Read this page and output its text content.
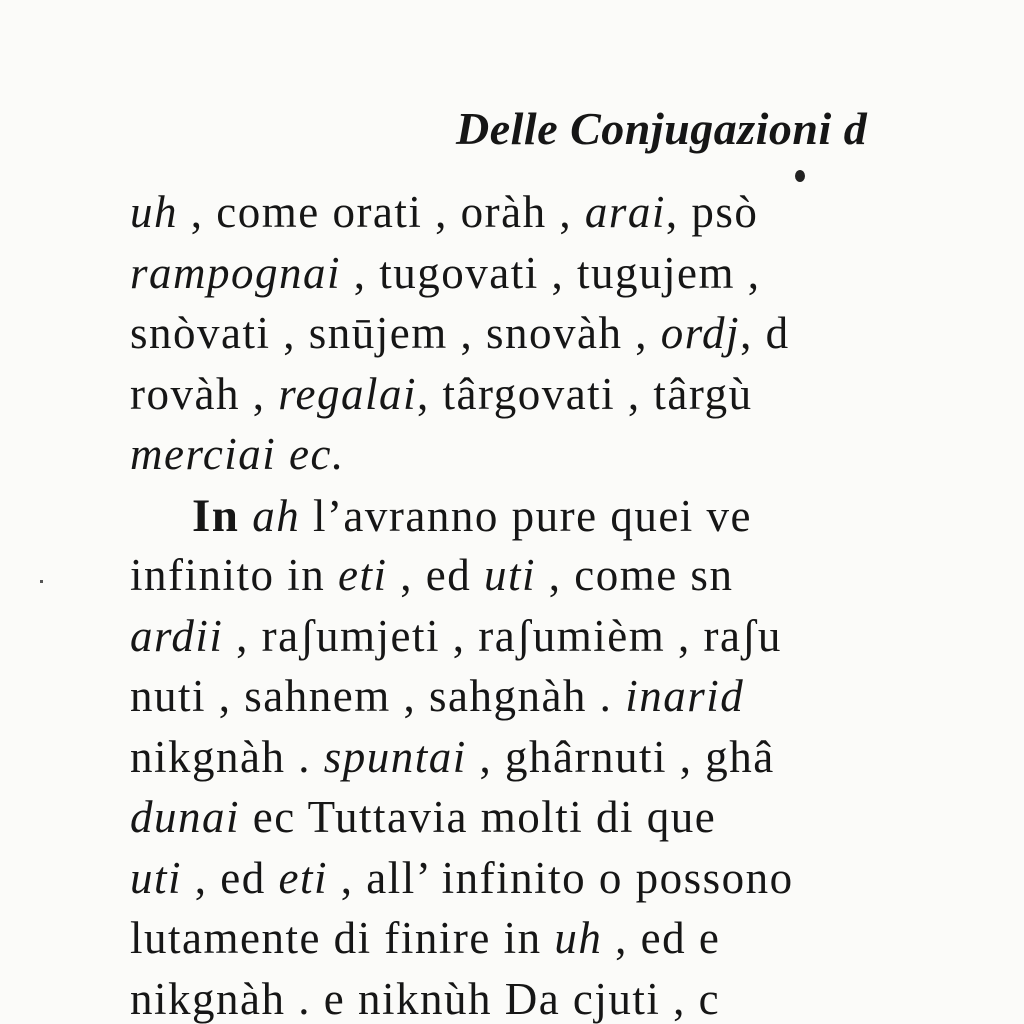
Delle Conjugazioni d
uh , come orati , oràh , arai, psò
rampognai , tugovati , tugujem ,
snòvati , snūjem , snovàh , ordj, d
rovàh , regalai, târgovati , târgù
merciai ec.
In ah l’avranno pure quei ve
infinito in eti , ed uti , come sn
ardii , raʃumjeti , raʃumièm , raʃu
nuti , sahnem , sahgnàh . inarid
nikgnàh . spuntai , ghârnuti , ghâ
dunai ec Tuttavia molti di que
uti , ed eti , all’ infinito o possono
lutamente di finire in uh , ed e
nikgnàh . e niknùh Da cjuti , c
